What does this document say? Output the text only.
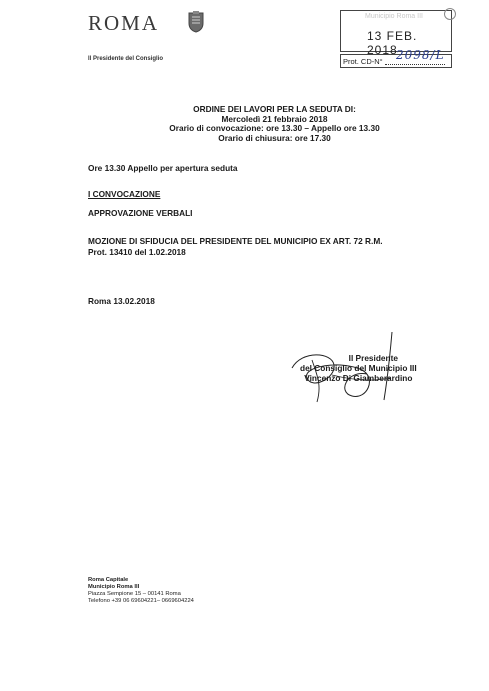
ROMA
Il Presidente del Consiglio
Municipio Roma III
13 FEB. 2018
Prot. CD-N° 2098/L
ORDINE DEI LAVORI PER LA SEDUTA DI:
Mercoledì 21 febbraio 2018
Orario di convocazione: ore 13.30 – Appello ore 13.30
Orario di chiusura: ore 17.30
Ore 13.30 Appello per apertura seduta
I CONVOCAZIONE
APPROVAZIONE VERBALI
MOZIONE DI SFIDUCIA DEL PRESIDENTE DEL MUNICIPIO EX ART. 72 R.M.
Prot. 13410 del 1.02.2018
Roma 13.02.2018
Il Presidente
del Consiglio del Municipio III
Vincenzo Di Giamberardino
Roma Capitale
Municipio Roma III
Piazza Sempione 15 – 00141 Roma
Telefono +39 06 69604221– 0669604224
